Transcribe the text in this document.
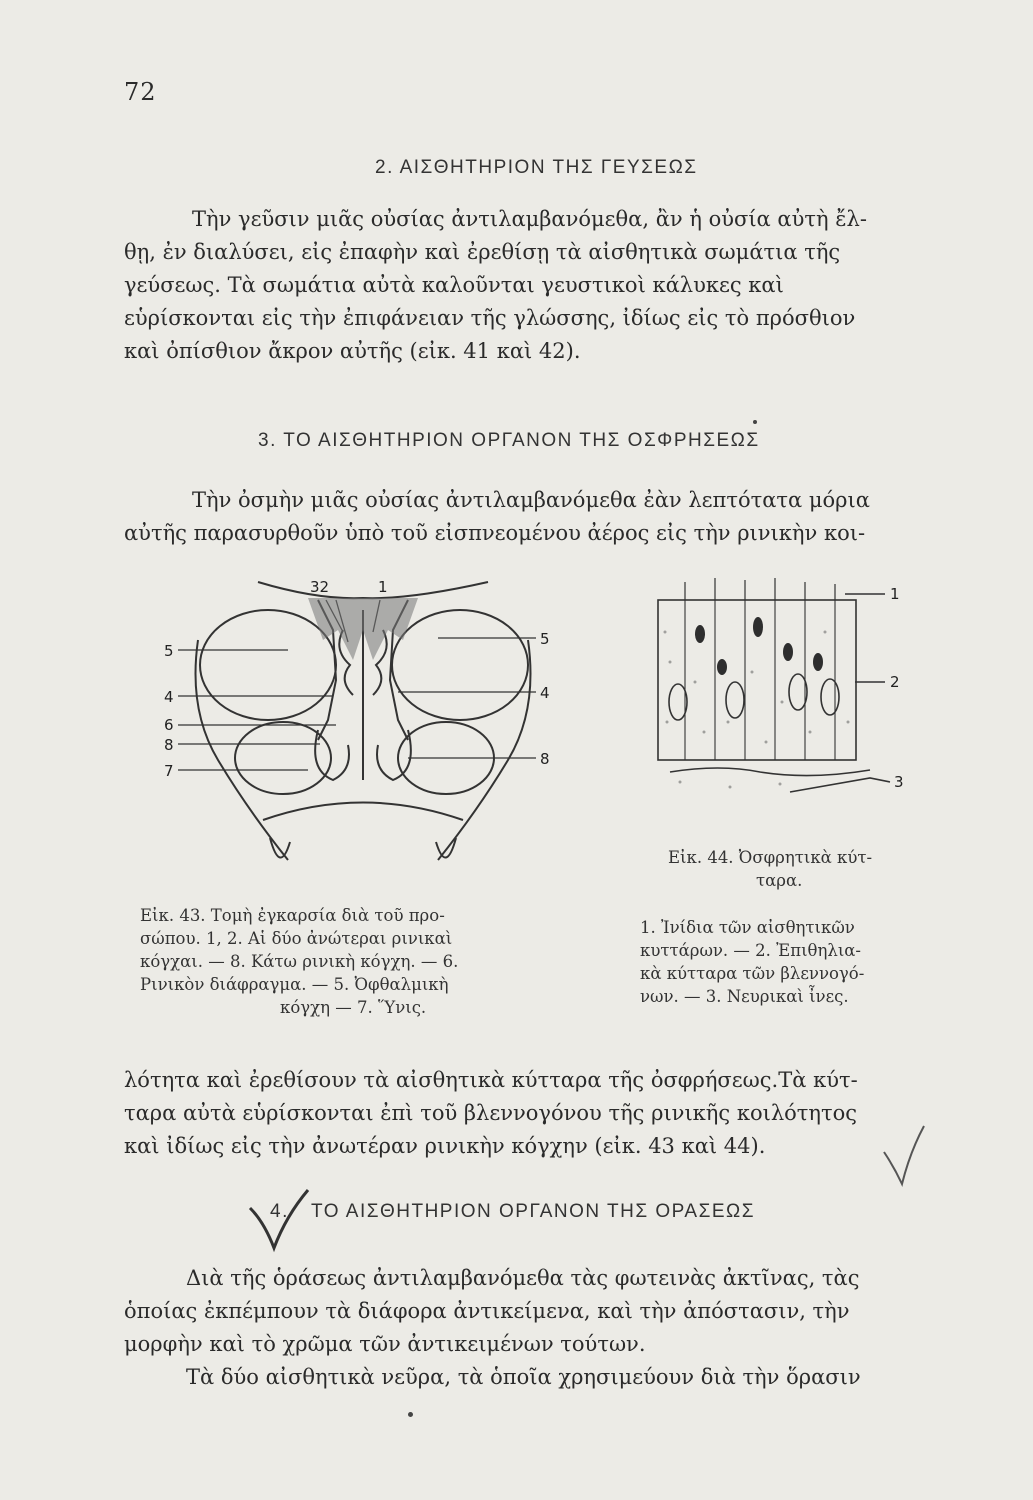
72
2. ΑΙΣΘΗΤΗΡΙΟΝ ΤΗΣ ΓΕΥΣΕΩΣ
Τὴν γεῦσιν μιᾶς οὐσίας ἀντιλαμβανόμεθα, ἂν ἡ οὐσία αὐτὴ ἔλ-
θῃ, ἐν διαλύσει, εἰς ἐπαφὴν καὶ ἐρεθίσῃ τὰ αἰσθητικὰ σωμάτια τῆς
γεύσεως. Τὰ σωμάτια αὐτὰ καλοῦνται γευστικοὶ κάλυκες καὶ
εὑρίσκονται εἰς τὴν ἐπιφάνειαν τῆς γλώσσης, ἰδίως εἰς τὸ πρόσθιον
καὶ ὀπίσθιον ἄκρον αὐτῆς (εἰκ. 41 καὶ 42).
3. ΤΟ ΑΙΣΘΗΤΗΡΙΟΝ ΟΡΓΑΝΟΝ ΤΗΣ ΟΣΦΡΗΣΕΩΣ
Τὴν ὀσμὴν μιᾶς οὐσίας ἀντιλαμβανόμεθα ἐὰν λεπτότατα μόρια
αὐτῆς παρασυρθοῦν ὑπὸ τοῦ εἰσπνεομένου ἀέρος εἰς τὴν ρινικὴν κοι-
32	1
5
4
6
8
7
5
4
8
1
2
3
Εἰκ. 43. Τομὴ ἐγκαρσία διὰ τοῦ προ-
σώπου. 1, 2. Αἱ δύο ἀνώτεραι ρινικαὶ
κόγχαι. — 8. Κάτω ρινικὴ κόγχη. — 6.
Ρινικὸν διάφραγμα. — 5. Ὀφθαλμικὴ
κόγχη — 7. Ὕνις.
Εἰκ. 44. Ὀσφρητικὰ κύτ-
ταρα.
1. Ἰνίδια τῶν αἰσθητικῶν
κυττάρων. — 2. Ἐπιθηλια-
κὰ κύτταρα τῶν βλεννογό-
νων. — 3. Νευρικαὶ ἶνες.
λότητα καὶ ἐρεθίσουν τὰ αἰσθητικὰ κύτταρα τῆς ὀσφρήσεως.Τὰ κύτ-
ταρα αὐτὰ εὑρίσκονται ἐπὶ τοῦ βλεννογόνου τῆς ρινικῆς κοιλότητος
καὶ ἰδίως εἰς τὴν ἀνωτέραν ρινικὴν κόγχην (εἰκ. 43 καὶ 44).
4. ΤΟ ΑΙΣΘΗΤΗΡΙΟΝ ΟΡΓΑΝΟΝ ΤΗΣ ΟΡΑΣΕΩΣ
Διὰ τῆς ὁράσεως ἀντιλαμβανόμεθα τὰς φωτεινὰς ἀκτῖνας, τὰς
ὁποίας ἐκπέμπουν τὰ διάφορα ἀντικείμενα, καὶ τὴν ἀπόστασιν, τὴν
μορφὴν καὶ τὸ χρῶμα τῶν ἀντικειμένων τούτων.
Τὰ δύο αἰσθητικὰ νεῦρα, τὰ ὁποῖα χρησιμεύουν διὰ τὴν ὅρασιν
